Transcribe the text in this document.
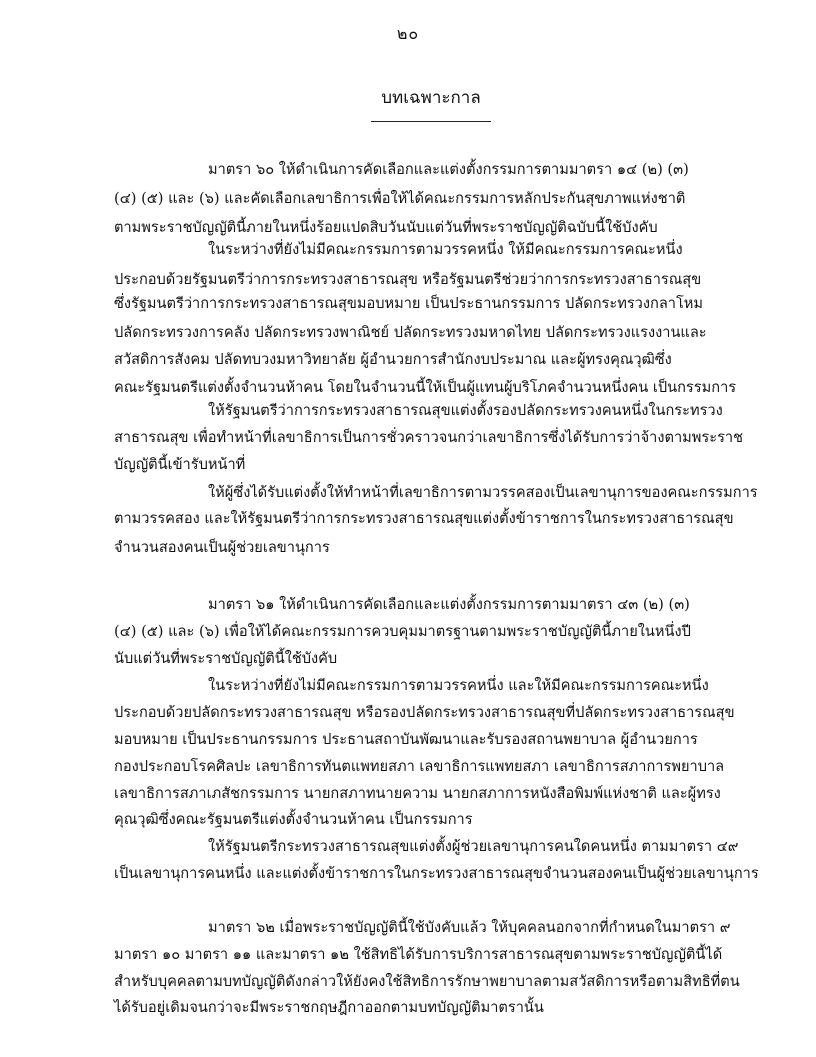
๒๐
บทเฉพาะกาล
มาตรา ๖๐ ให้ดำเนินการคัดเลือกและแต่งตั้งกรรมการตามมาตรา ๑๔ (๒) (๓)
(๔) (๕) และ (๖) และคัดเลือกเลขาธิการเพื่อให้ได้คณะกรรมการหลักประกันสุขภาพแห่งชาติ
ตามพระราชบัญญัตินี้ภายในหนึ่งร้อยแปดสิบวันนับแต่วันที่พระราชบัญญัติฉบับนี้ใช้บังคับ
ในระหว่างที่ยังไม่มีคณะกรรมการตามวรรคหนึ่ง ให้มีคณะกรรมการคณะหนึ่ง
ประกอบด้วยรัฐมนตรีว่าการกระทรวงสาธารณสุข หรือรัฐมนตรีช่วยว่าการกระทรวงสาธารณสุข
ซึ่งรัฐมนตรีว่าการกระทรวงสาธารณสุขมอบหมาย เป็นประธานกรรมการ ปลัดกระทรวงกลาโหม
ปลัดกระทรวงการคลัง ปลัดกระทรวงพาณิชย์ ปลัดกระทรวงมหาดไทย ปลัดกระทรวงแรงงานและ
สวัสดิการสังคม ปลัดทบวงมหาวิทยาลัย ผู้อำนวยการสำนักงบประมาณ และผู้ทรงคุณวุฒิซึ่ง
คณะรัฐมนตรีแต่งตั้งจำนวนห้าคน โดยในจำนวนนี้ให้เป็นผู้แทนผู้บริโภคจำนวนหนึ่งคน เป็นกรรมการ
ให้รัฐมนตรีว่าการกระทรวงสาธารณสุขแต่งตั้งรองปลัดกระทรวงคนหนึ่งในกระทรวง
สาธารณสุข เพื่อทำหน้าที่เลขาธิการเป็นการชั่วคราวจนกว่าเลขาธิการซึ่งได้รับการว่าจ้างตามพระราช
บัญญัตินี้เข้ารับหน้าที่
ให้ผู้ซึ่งได้รับแต่งตั้งให้ทำหน้าที่เลขาธิการตามวรรคสองเป็นเลขานุการของคณะกรรมการ
ตามวรรคสอง และให้รัฐมนตรีว่าการกระทรวงสาธารณสุขแต่งตั้งข้าราชการในกระทรวงสาธารณสุข
จำนวนสองคนเป็นผู้ช่วยเลขานุการ
มาตรา ๖๑ ให้ดำเนินการคัดเลือกและแต่งตั้งกรรมการตามมาตรา ๔๓ (๒) (๓)
(๔) (๕) และ (๖) เพื่อให้ได้คณะกรรมการควบคุมมาตรฐานตามพระราชบัญญัตินี้ภายในหนึ่งปี
นับแต่วันที่พระราชบัญญัตินี้ใช้บังคับ
ในระหว่างที่ยังไม่มีคณะกรรมการตามวรรคหนึ่ง และให้มีคณะกรรมการคณะหนึ่ง
ประกอบด้วยปลัดกระทรวงสาธารณสุข หรือรองปลัดกระทรวงสาธารณสุขที่ปลัดกระทรวงสาธารณสุข
มอบหมาย เป็นประธานกรรมการ ประธานสถาบันพัฒนาและรับรองสถานพยาบาล ผู้อำนวยการ
กองประกอบโรคศิลปะ เลขาธิการทันตแพทยสภา เลขาธิการแพทยสภา เลขาธิการสภาการพยาบาล
เลขาธิการสภาเภสัชกรรมการ นายกสภาทนายความ นายกสภาการหนังสือพิมพ์แห่งชาติ และผู้ทรง
คุณวุฒิซึ่งคณะรัฐมนตรีแต่งตั้งจำนวนห้าคน เป็นกรรมการ
ให้รัฐมนตรีกระทรวงสาธารณสุขแต่งตั้งผู้ช่วยเลขานุการคนใดคนหนึ่ง ตามมาตรา ๔๙
เป็นเลขานุการคนหนึ่ง และแต่งตั้งข้าราชการในกระทรวงสาธารณสุขจำนวนสองคนเป็นผู้ช่วยเลขานุการ
มาตรา ๖๒ เมื่อพระราชบัญญัตินี้ใช้บังคับแล้ว ให้บุคคลนอกจากที่กำหนดในมาตรา ๙
มาตรา ๑๐ มาตรา ๑๑ และมาตรา ๑๒ ใช้สิทธิได้รับการบริการสาธารณสุขตามพระราชบัญญัตินี้ได้
สำหรับบุคคลตามบทบัญญัติดังกล่าวให้ยังคงใช้สิทธิการรักษาพยาบาลตามสวัสดิการหรือตามสิทธิที่ตน
ได้รับอยู่เดิมจนกว่าจะมีพระราชกฤษฎีกาออกตามบทบัญญัติมาตรานั้น
